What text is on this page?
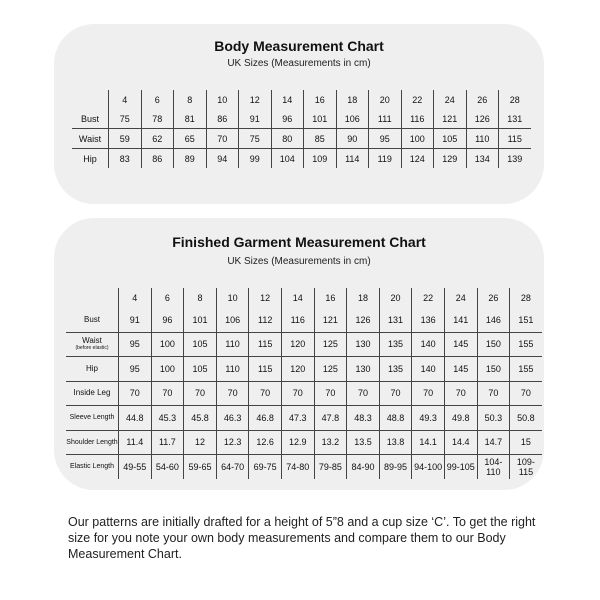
Body Measurement Chart
UK Sizes (Measurements in cm)
	4	6	8	10	12	14	16	18	20	22	24	26	28
Bust	75	78	81	86	91	96	101	106	111	116	121	126	131
Waist	59	62	65	70	75	80	85	90	95	100	105	110	115
Hip	83	86	89	94	99	104	109	114	119	124	129	134	139
Finished Garment Measurement Chart
UK Sizes (Measurements in cm)
	4	6	8	10	12	14	16	18	20	22	24	26	28
Bust	91	96	101	106	112	116	121	126	131	136	141	146	151
Waist
(before elastic)	95	100	105	110	115	120	125	130	135	140	145	150	155
Hip	95	100	105	110	115	120	125	130	135	140	145	150	155
Inside Leg	70	70	70	70	70	70	70	70	70	70	70	70	70
Sleeve Length	44.8	45.3	45.8	46.3	46.8	47.3	47.8	48.3	48.8	49.3	49.8	50.3	50.8
Shoulder Length	11.4	11.7	12	12.3	12.6	12.9	13.2	13.5	13.8	14.1	14.4	14.7	15
Elastic Length	49-55	54-60	59-65	64-70	69-75	74-80	79-85	84-90	89-95	94-100	99-105	104-110	109-115
Our patterns are initially drafted for a height of 5”8 and a cup size ‘C’. To get the right size for you note your own body measurements and compare them to our Body Measurement Chart.
